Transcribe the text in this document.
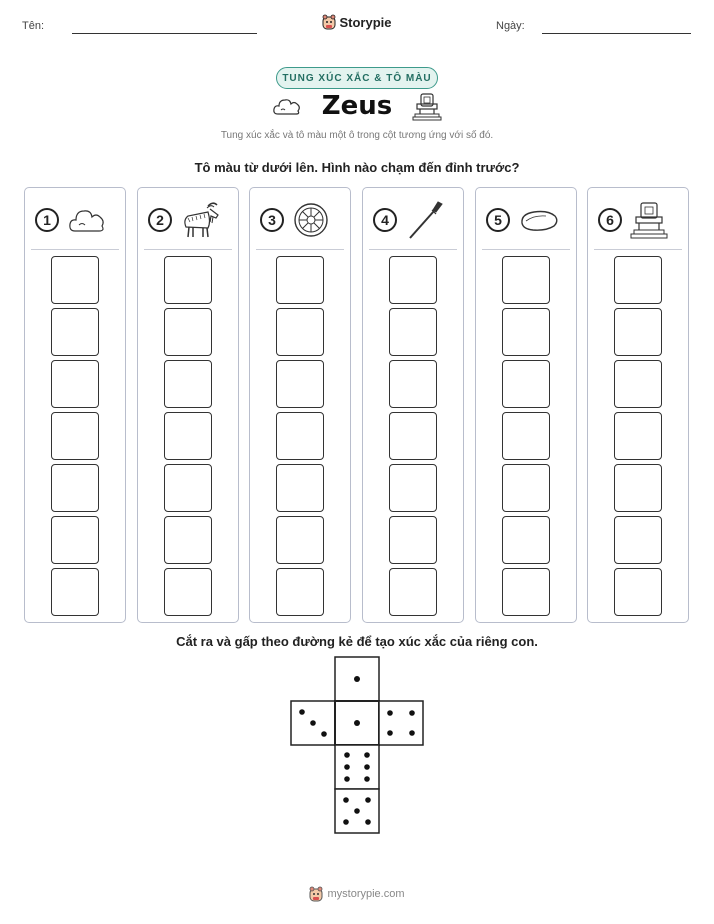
Tên:	Storypie	Ngày:
TUNG XÚC XẮC & TÔ MÀU
Zeus
Tung xúc xắc và tô màu một ô trong cột tương ứng với số đó.
Tô màu từ dưới lên. Hình nào chạm đến đỉnh trước?
1	2	3	4	5	6
Cắt ra và gấp theo đường kẻ để tạo xúc xắc của riêng con.
mystorypie.com
